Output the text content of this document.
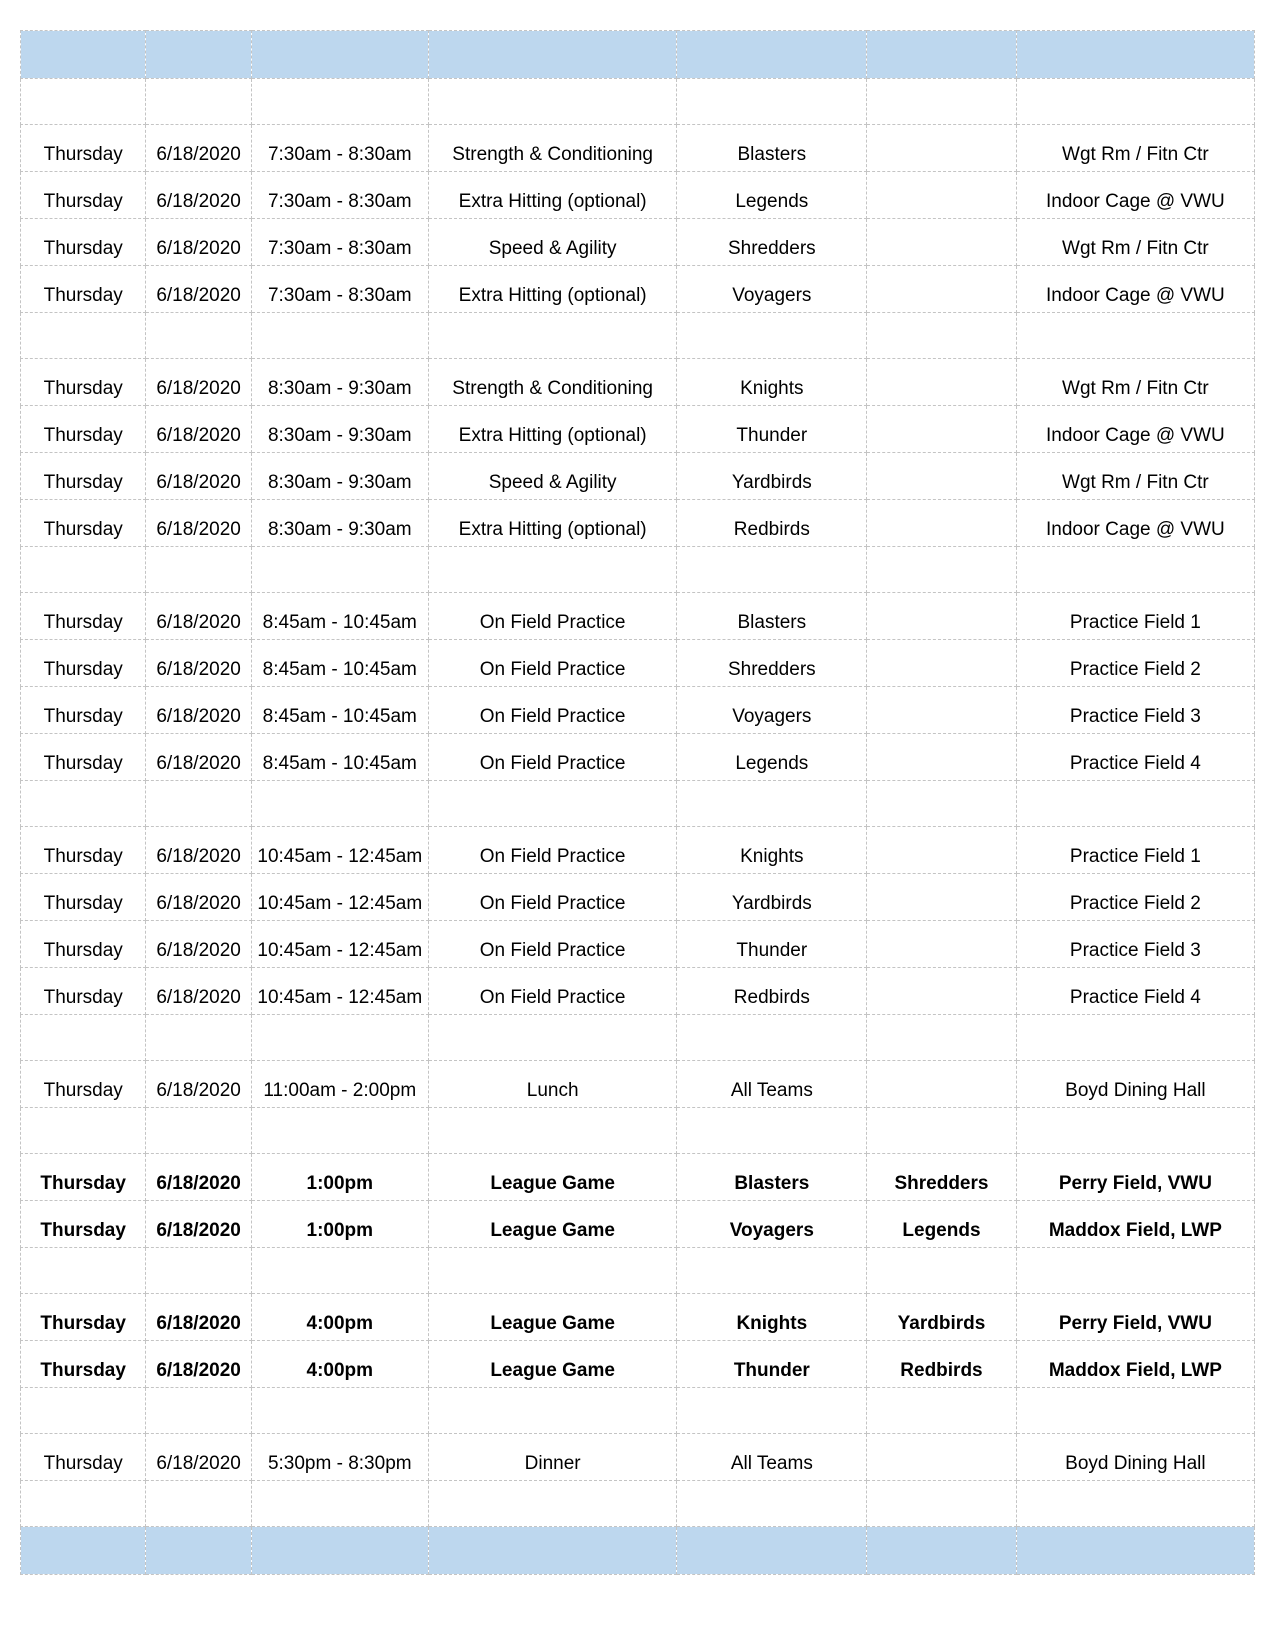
Thursday	6/18/2020	7:30am - 8:30am	Strength & Conditioning	Blasters		Wgt Rm / Fitn Ctr
Thursday	6/18/2020	7:30am - 8:30am	Extra Hitting (optional)	Legends		Indoor Cage @ VWU
Thursday	6/18/2020	7:30am - 8:30am	Speed & Agility	Shredders		Wgt Rm / Fitn Ctr
Thursday	6/18/2020	7:30am - 8:30am	Extra Hitting (optional)	Voyagers		Indoor Cage @ VWU

Thursday	6/18/2020	8:30am - 9:30am	Strength & Conditioning	Knights		Wgt Rm / Fitn Ctr
Thursday	6/18/2020	8:30am - 9:30am	Extra Hitting (optional)	Thunder		Indoor Cage @ VWU
Thursday	6/18/2020	8:30am - 9:30am	Speed & Agility	Yardbirds		Wgt Rm / Fitn Ctr
Thursday	6/18/2020	8:30am - 9:30am	Extra Hitting (optional)	Redbirds		Indoor Cage @ VWU

Thursday	6/18/2020	8:45am - 10:45am	On Field Practice	Blasters		Practice Field 1
Thursday	6/18/2020	8:45am - 10:45am	On Field Practice	Shredders		Practice Field 2
Thursday	6/18/2020	8:45am - 10:45am	On Field Practice	Voyagers		Practice Field 3
Thursday	6/18/2020	8:45am - 10:45am	On Field Practice	Legends		Practice Field 4

Thursday	6/18/2020	10:45am - 12:45am	On Field Practice	Knights		Practice Field 1
Thursday	6/18/2020	10:45am - 12:45am	On Field Practice	Yardbirds		Practice Field 2
Thursday	6/18/2020	10:45am - 12:45am	On Field Practice	Thunder		Practice Field 3
Thursday	6/18/2020	10:45am - 12:45am	On Field Practice	Redbirds		Practice Field 4

Thursday	6/18/2020	11:00am - 2:00pm	Lunch	All Teams		Boyd Dining Hall

Thursday	6/18/2020	1:00pm	League Game	Blasters	Shredders	Perry Field, VWU
Thursday	6/18/2020	1:00pm	League Game	Voyagers	Legends	Maddox Field, LWP

Thursday	6/18/2020	4:00pm	League Game	Knights	Yardbirds	Perry Field, VWU
Thursday	6/18/2020	4:00pm	League Game	Thunder	Redbirds	Maddox Field, LWP

Thursday	6/18/2020	5:30pm - 8:30pm	Dinner	All Teams		Boyd Dining Hall
